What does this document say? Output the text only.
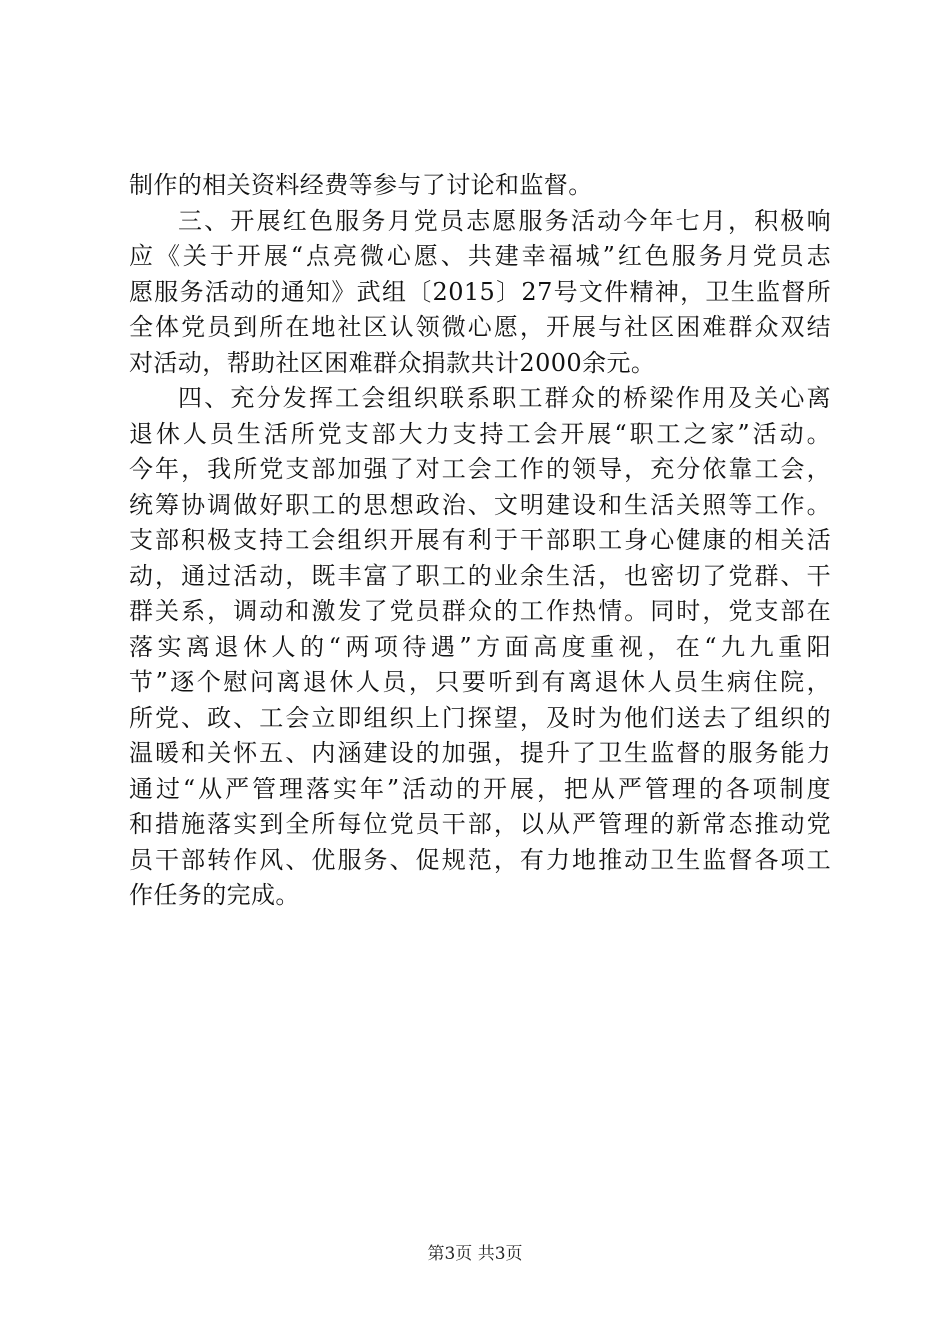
制作的相关资料经费等参与了讨论和监督。
三、开展红色服务月党员志愿服务活动今年七月，积极响
应《关于开展“点亮微心愿、共建幸福城”红色服务月党员志
愿服务活动的通知》武组〔2015〕27号文件精神，卫生监督所
全体党员到所在地社区认领微心愿，开展与社区困难群众双结
对活动，帮助社区困难群众捐款共计2000余元。
四、充分发挥工会组织联系职工群众的桥梁作用及关心离
退休人员生活所党支部大力支持工会开展“职工之家”活动。
今年，我所党支部加强了对工会工作的领导，充分依靠工会，
统筹协调做好职工的思想政治、文明建设和生活关照等工作。
支部积极支持工会组织开展有利于干部职工身心健康的相关活
动，通过活动，既丰富了职工的业余生活，也密切了党群、干
群关系，调动和激发了党员群众的工作热情。同时，党支部在
落实离退休人的“两项待遇”方面高度重视，在“九九重阳
节”逐个慰问离退休人员，只要听到有离退休人员生病住院，
所党、政、工会立即组织上门探望，及时为他们送去了组织的
温暖和关怀五、内涵建设的加强，提升了卫生监督的服务能力
通过“从严管理落实年”活动的开展，把从严管理的各项制度
和措施落实到全所每位党员干部，以从严管理的新常态推动党
员干部转作风、优服务、促规范，有力地推动卫生监督各项工
作任务的完成。
第3页 共3页
